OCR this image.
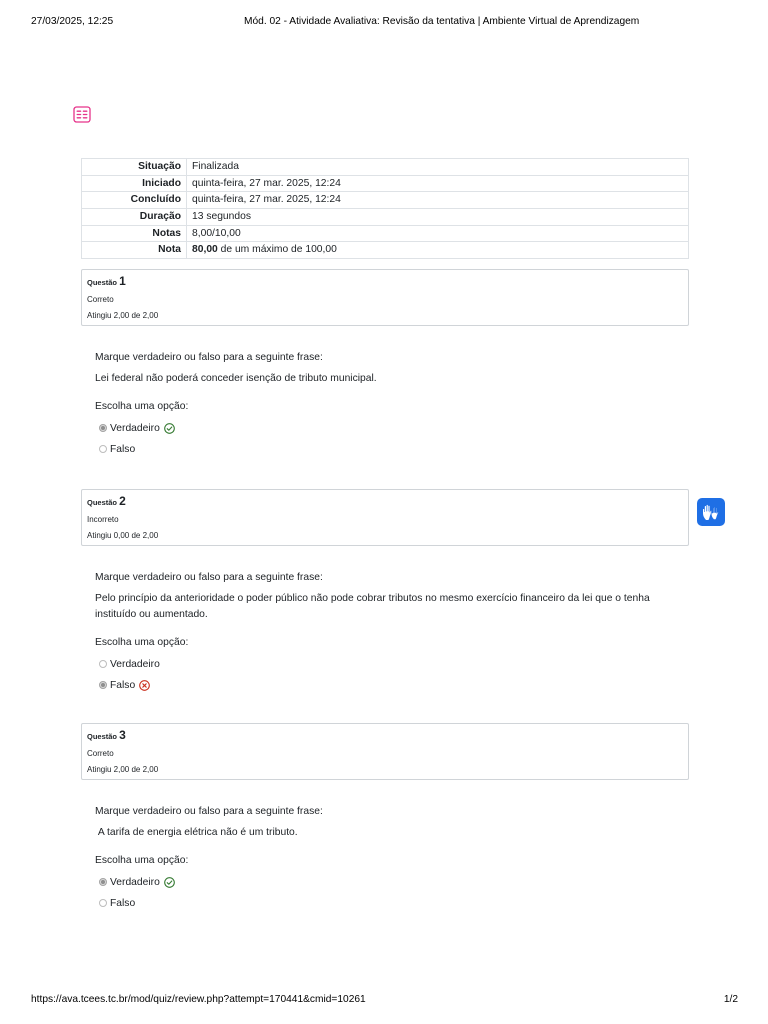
27/03/2025, 12:25	Mód. 02 - Atividade Avaliativa: Revisão da tentativa | Ambiente Virtual de Aprendizagem
Situação	Finalizada
Iniciado	quinta-feira, 27 mar. 2025, 12:24
Concluído	quinta-feira, 27 mar. 2025, 12:24
Duração	13 segundos
Notas	8,00/10,00
Nota	80,00 de um máximo de 100,00
Questão 1
Correto
Atingiu 2,00 de 2,00

Marque verdadeiro ou falso para a seguinte frase:

Lei federal não poderá conceder isenção de tributo municipal.

Escolha uma opção:
Verdadeiro
Falso
Questão 2
Incorreto
Atingiu 0,00 de 2,00

Marque verdadeiro ou falso para a seguinte frase:

Pelo princípio da anterioridade o poder público não pode cobrar tributos no mesmo exercício financeiro da lei que o tenha instituído ou aumentado.

Escolha uma opção:
Verdadeiro
Falso
Questão 3
Correto
Atingiu 2,00 de 2,00

Marque verdadeiro ou falso para a seguinte frase:

A tarifa de energia elétrica não é um tributo.

Escolha uma opção:
Verdadeiro
Falso
https://ava.tcees.tc.br/mod/quiz/review.php?attempt=170441&cmid=10261	1/2
